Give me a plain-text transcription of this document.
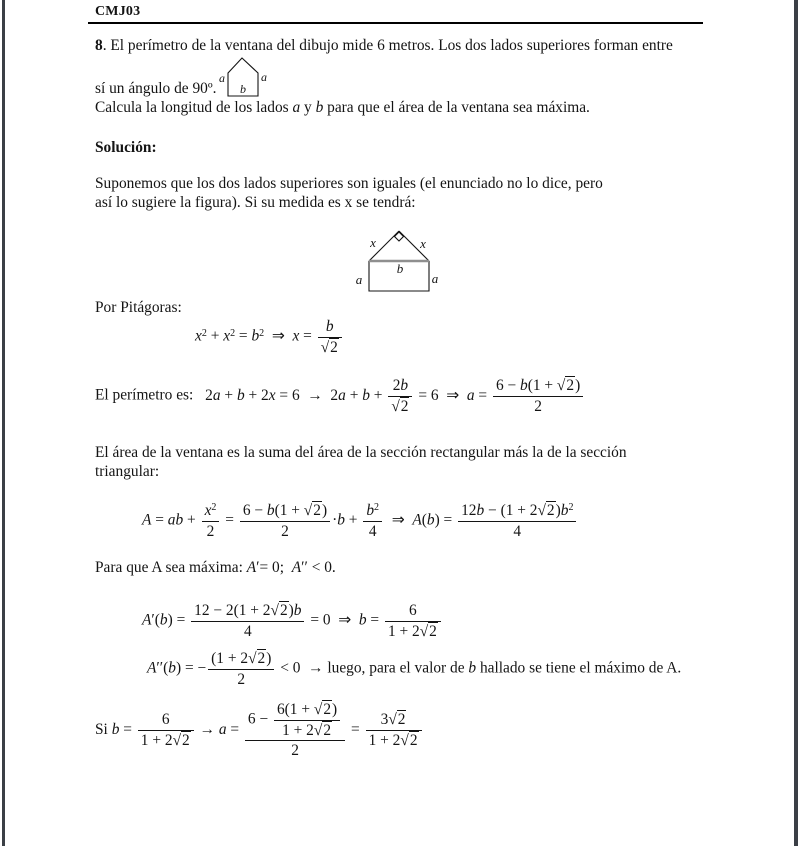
CMJ03
8. El perímetro de la ventana del dibujo mide 6 metros. Los dos lados superiores forman entre
sí un ángulo de 90º.
a
b
a
Calcula la longitud de los lados a y b para que el área de la ventana sea máxima.
Solución:
Suponemos que los dos lados superiores son iguales (el enunciado no lo dice, pero
así lo sugiere la figura). Si su medida es x se tendrá:
x	x
b
a	a
Por Pitágoras:
$x^2 + x^2 = b^2$ ⇒ $x = \frac{b}{√2}$
El perímetro es: 2a + b + 2x = 6 → $2a + b + \frac{2b}{√2} = 6$ ⇒ $a = \frac{6 - b(1 + √2)}{2}$
El área de la ventana es la suma del área de la sección rectangular más la de la sección
triangular:
A = ab + $\frac{x^2}{2} = \frac{6 - b(1 + √2)}{2} \cdot b + \frac{b^2}{4}$  ⇒ $A(b) = \frac{12b - (1 + 2√2)b^2}{4}$
Para que A sea máxima: A′= 0; A′′ < 0.
$A'(b) = \frac{12 - 2(1 + 2√2)b}{4} = 0$ ⇒ $b = \frac{6}{1 + 2√2}$
A′′(b) = − $\frac{(1 + 2√2)}{2} < 0$ → luego, para el valor de b hallado se tiene el máximo de A.
Si $b = \frac{6}{1 + 2√2} \to a = \frac{6 - \frac{6(1 + √2)}{1 + 2√2}}{2} = \frac{3√2}{1 + 2√2}$
